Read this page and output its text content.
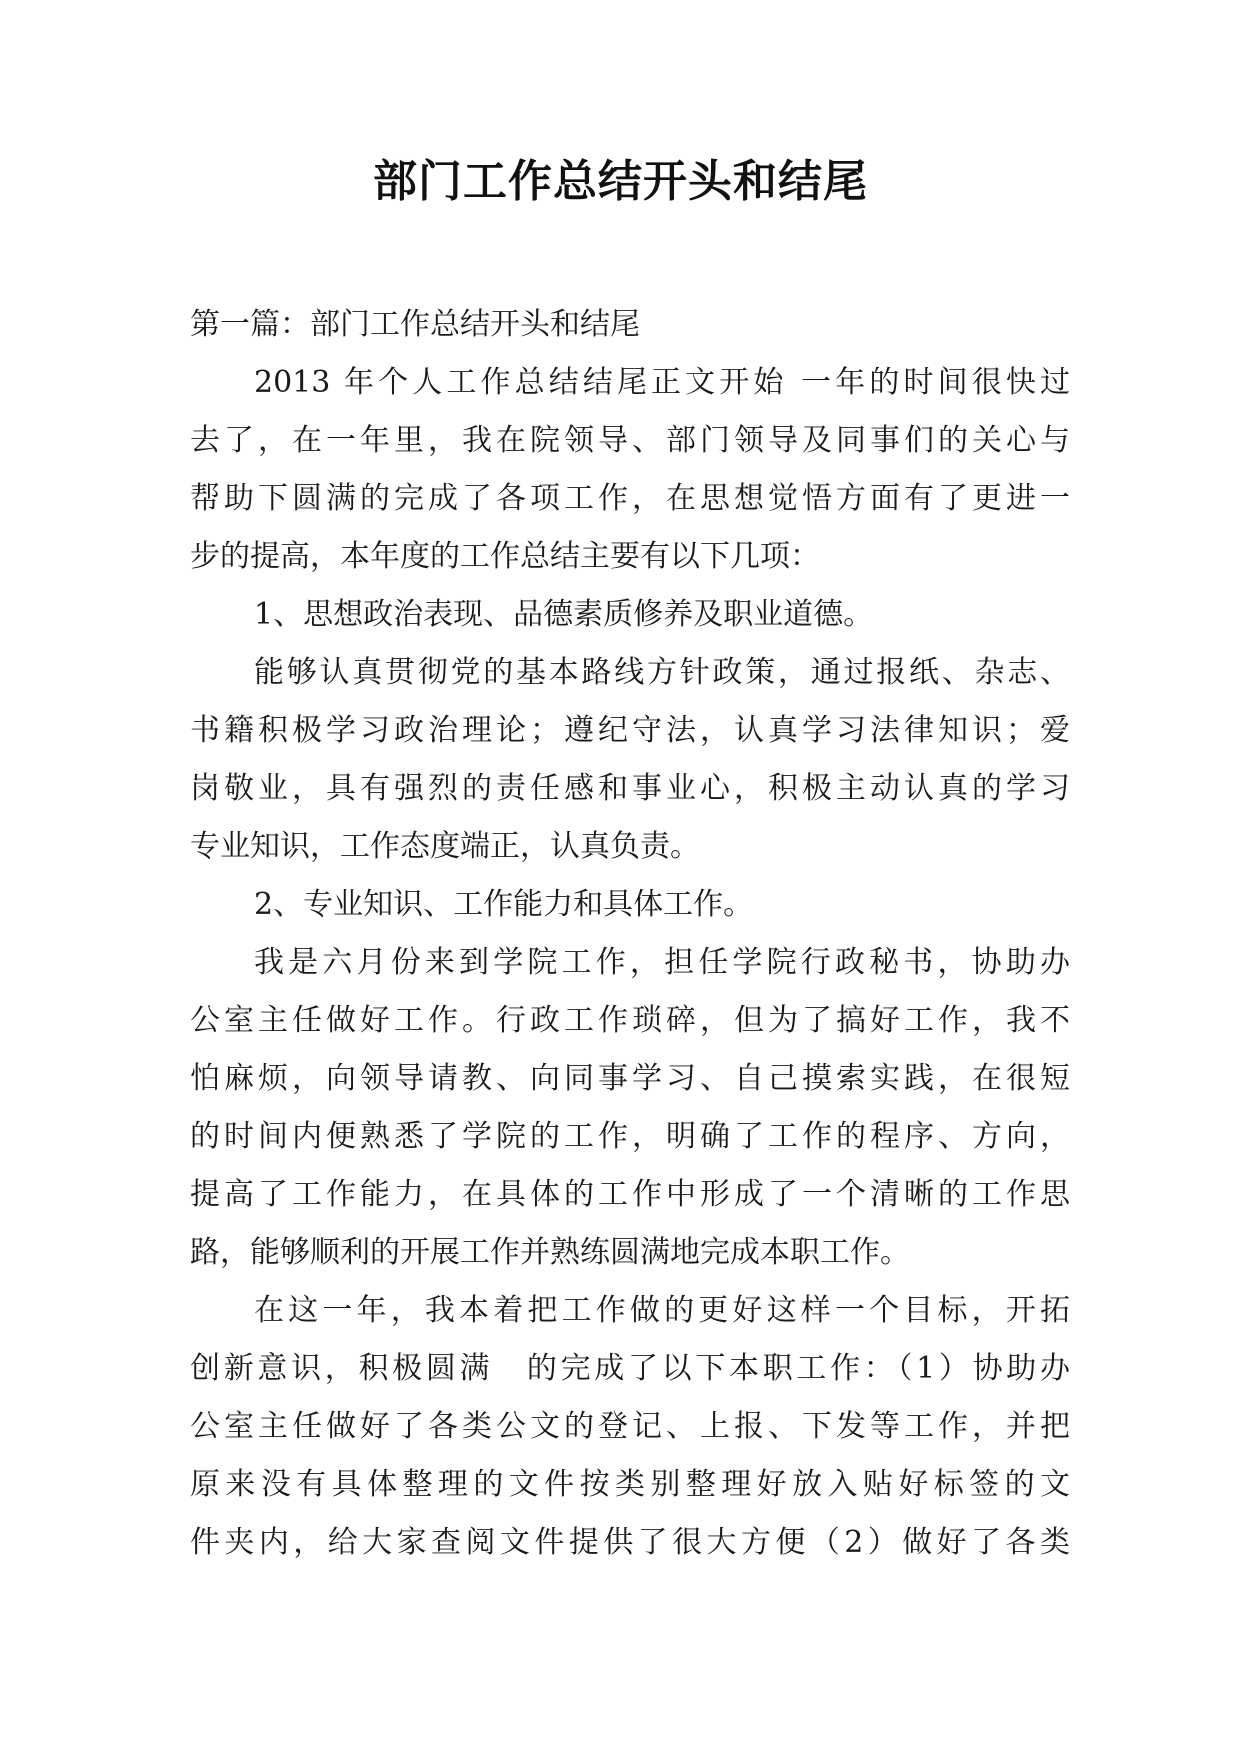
部门工作总结开头和结尾
第一篇：部门工作总结开头和结尾
2013 年个人工作总结结尾正文开始 一年的时间很快过
去了，在一年里，我在院领导、部门领导及同事们的关心与
帮助下圆满的完成了各项工作，在思想觉悟方面有了更进一
步的提高，本年度的工作总结主要有以下几项：
1、思想政治表现、品德素质修养及职业道德。
能够认真贯彻党的基本路线方针政策，通过报纸、杂志、
书籍积极学习政治理论；遵纪守法，认真学习法律知识；爱
岗敬业，具有强烈的责任感和事业心，积极主动认真的学习
专业知识，工作态度端正，认真负责。
2、专业知识、工作能力和具体工作。
我是六月份来到学院工作，担任学院行政秘书，协助办
公室主任做好工作。行政工作琐碎，但为了搞好工作，我不
怕麻烦，向领导请教、向同事学习、自己摸索实践，在很短
的时间内便熟悉了学院的工作，明确了工作的程序、方向，
提高了工作能力，在具体的工作中形成了一个清晰的工作思
路，能够顺利的开展工作并熟练圆满地完成本职工作。
在这一年，我本着把工作做的更好这样一个目标，开拓
创新意识，积极圆满　的完成了以下本职工作：（1）协助办
公室主任做好了各类公文的登记、上报、下发等工作，并把
原来没有具体整理的文件按类别整理好放入贴好标签的文
件夹内，给大家查阅文件提供了很大方便（2）做好了各类
